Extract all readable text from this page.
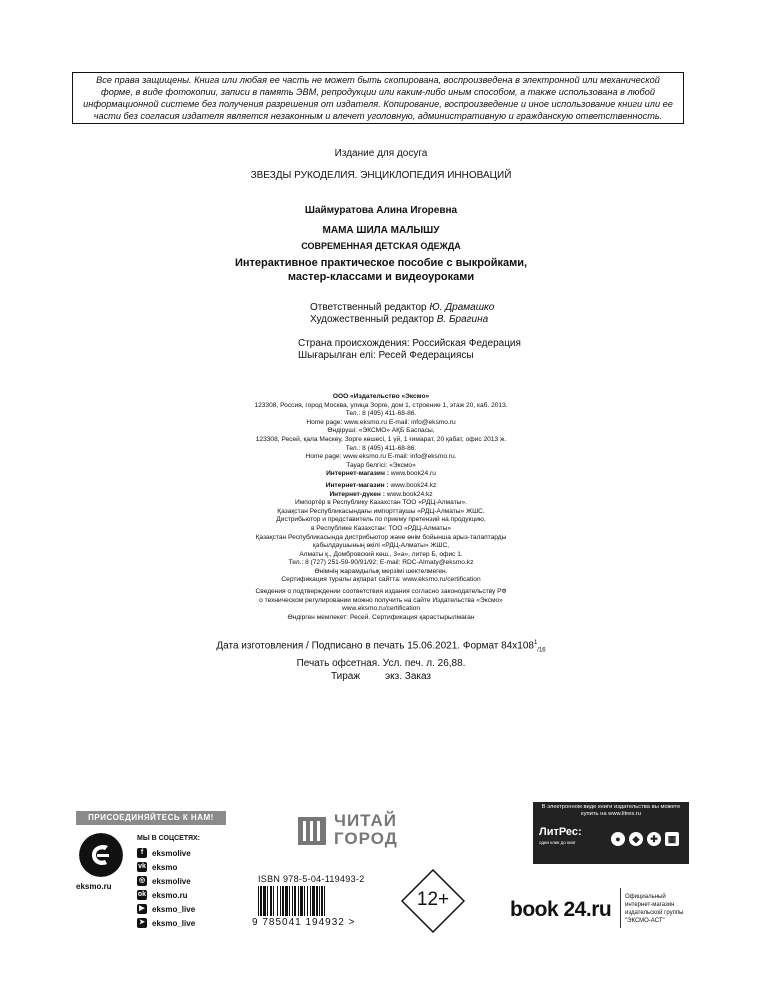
Все права защищены. Книга или любая ее часть не может быть скопирована, воспроизведена в электронной или механической форме, в виде фотокопии, записи в память ЭВМ, репродукции или каким-либо иным способом, а также использована в любой информационной системе без получения разрешения от издателя. Копирование, воспроизведение и иное использование книги или ее части без согласия издателя является незаконным и влечет уголовную, административную и гражданскую ответственность.
Издание для досуга
ЗВЕЗДЫ РУКОДЕЛИЯ. ЭНЦИКЛОПЕДИЯ ИННОВАЦИЙ
Шаймуратова Алина Игоревна
МАМА ШИЛА МАЛЫШУ
СОВРЕМЕННАЯ ДЕТСКАЯ ОДЕЖДА
Интерактивное практическое пособие с выкройками,
мастер-классами и видеоуроками
Ответственный редактор Ю. Драмашко
Художественный редактор В. Брагина
Страна происхождения: Российская Федерация
Шығарылған елі: Ресей Федерациясы
ООО «Издательство «Эксмо»
123308, Россия, город Москва, улица Зорге, дом 1, строение 1, этаж 20, каб. 2013.
Тел.: 8 (495) 411-68-86.
Home page: www.eksmo.ru E-mail: info@eksmo.ru
Өндіруші: «ЭКСМО» АҚБ Баспасы,
123308, Ресей, қала Мәскеу, Зорге көшесі, 1 үй, 1 ғимарат, 20 қабат, офис 2013 ж.
Тел.: 8 (495) 411-68-86.
Home page: www.eksmo.ru E-mail: info@eksmo.ru.
Тауар белгісі: «Эксмо»
Интернет-магазин : www.book24.ru
Интернет-магазин : www.book24.kz
Интернет-дүкен : www.book24.kz
Импортёр в Республику Казахстан ТОО «РДЦ-Алматы».
Қазақстан Республикасындағы импорттаушы «РДЦ-Алматы» ЖШС.
Дистрибьютор и представитель по приему претензий на продукцию,
в Республике Казахстан: ТОО «РДЦ-Алматы»
Қазақстан Республикасында дистрибьютор және өнім бойынша арыз-талаптарды
қабылдаушының өкілі «РДЦ-Алматы» ЖШС,
Алматы қ., Домбровский көш., 3«а», литер Б, офис 1.
Тел.: 8 (727) 251-59-90/91/92; E-mail: RDC-Almaty@eksmo.kz
Өнімнің жарамдылық мерзімі шектелмеген.
Сертификация туралы ақпарат сайтта: www.eksmo.ru/certification
Сведения о подтверждении соответствия издания согласно законодательству РФ
о техническом регулировании можно получить на сайте Издательства «Эксмо»
www.eksmo.ru/certification
Өндірген мемлекет: Ресей. Сертификация қарастырылмаған
Дата изготовления / Подписано в печать 15.06.2021. Формат $84x108^1_{/16}$
Печать офсетная. Усл. печ. л. 26,88.
Тираж         экз. Заказ
ПРИСОЕДИНЯЙТЕСЬ К НАМ!
eksmo.ru
МЫ В СОЦСЕТЯХ:
f	eksmolive
vk eksmo
◎ eksmolive
ok eksmo.ru
▶ eksmo_live
➤ eksmo_live
ЧИТАЙ
ГОРОД
ISBN 978-5-04-119493-2
9 785041 194932 >
12+
В электронном виде книги издательства вы можете
купить на www.litres.ru
ЛитРес:
один клик до книг	●	◆	✚	▦
book 24.ru
Официальный
интернет-магазин
издательской группы
"ЭКСМО-АСТ"
